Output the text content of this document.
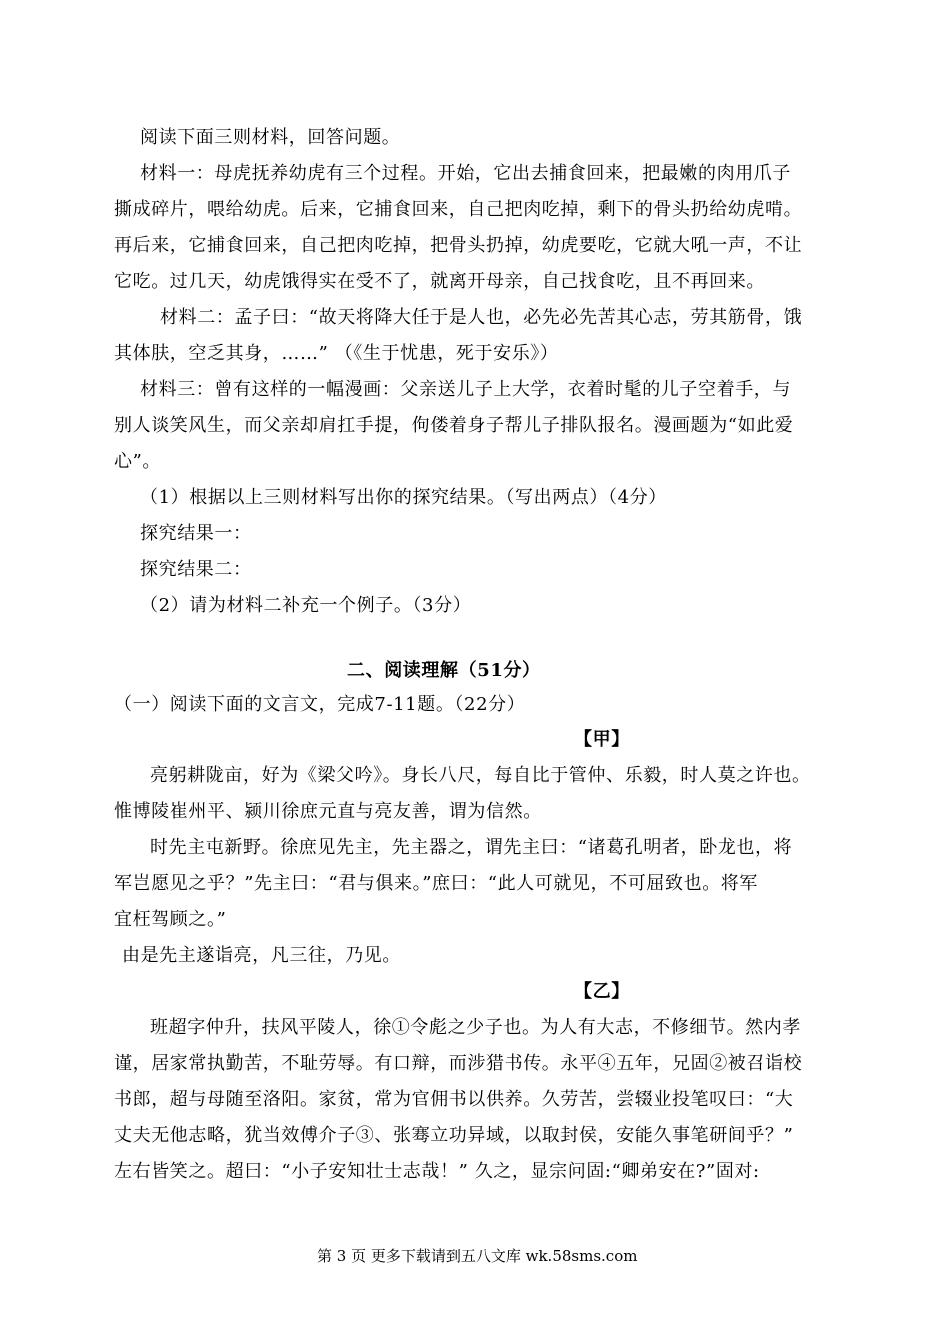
阅读下面三则材料，回答问题。
材料一：母虎抚养幼虎有三个过程。开始，它出去捕食回来，把最嫩的肉用爪子
撕成碎片，喂给幼虎。后来，它捕食回来，自己把肉吃掉，剩下的骨头扔给幼虎啃。
再后来，它捕食回来，自己把肉吃掉，把骨头扔掉，幼虎要吃，它就大吼一声，不让
它吃。过几天，幼虎饿得实在受不了，就离开母亲，自己找食吃，且不再回来。
材料二：孟子曰：“故天将降大任于是人也，必先必先苦其心志，劳其筋骨，饿
其体肤，空乏其身，……” （《生于忧患，死于安乐》）
材料三：曾有这样的一幅漫画：父亲送儿子上大学，衣着时髦的儿子空着手，与
别人谈笑风生，而父亲却肩扛手提，佝偻着身子帮儿子排队报名。漫画题为“如此爱
心”。
（1）根据以上三则材料写出你的探究结果。（写出两点）（4分）
探究结果一：
探究结果二：
（2）请为材料二补充一个例子。（3分）
二、阅读理解（51分）
（一）阅读下面的文言文，完成7-11题。（22分）
【甲】
亮躬耕陇亩，好为《梁父吟》。身长八尺，每自比于管仲、乐毅，时人莫之许也。
惟博陵崔州平、颍川徐庶元直与亮友善，谓为信然。
时先主屯新野。徐庶见先主，先主器之，谓先主曰：“诸葛孔明者，卧龙也，将
军岂愿见之乎？”先主曰：“君与俱来。”庶曰：“此人可就见，不可屈致也。将军
宜枉驾顾之。”
由是先主遂诣亮，凡三往，乃见。
【乙】
班超字仲升，扶风平陵人，徐①令彪之少子也。为人有大志，不修细节。然内孝
谨，居家常执勤苦，不耻劳辱。有口辩，而涉猎书传。永平④五年，兄固②被召诣校
书郎，超与母随至洛阳。家贫，常为官佣书以供养。久劳苦，尝辍业投笔叹曰：“大
丈夫无他志略，犹当效傅介子③、张骞立功异域，以取封侯，安能久事笔研间乎？”
左右皆笑之。超曰：“小子安知壮士志哉！” 久之，显宗问固:“卿弟安在?”固对:
第 3 页 更多下载请到五八文库 wk.58sms.com
